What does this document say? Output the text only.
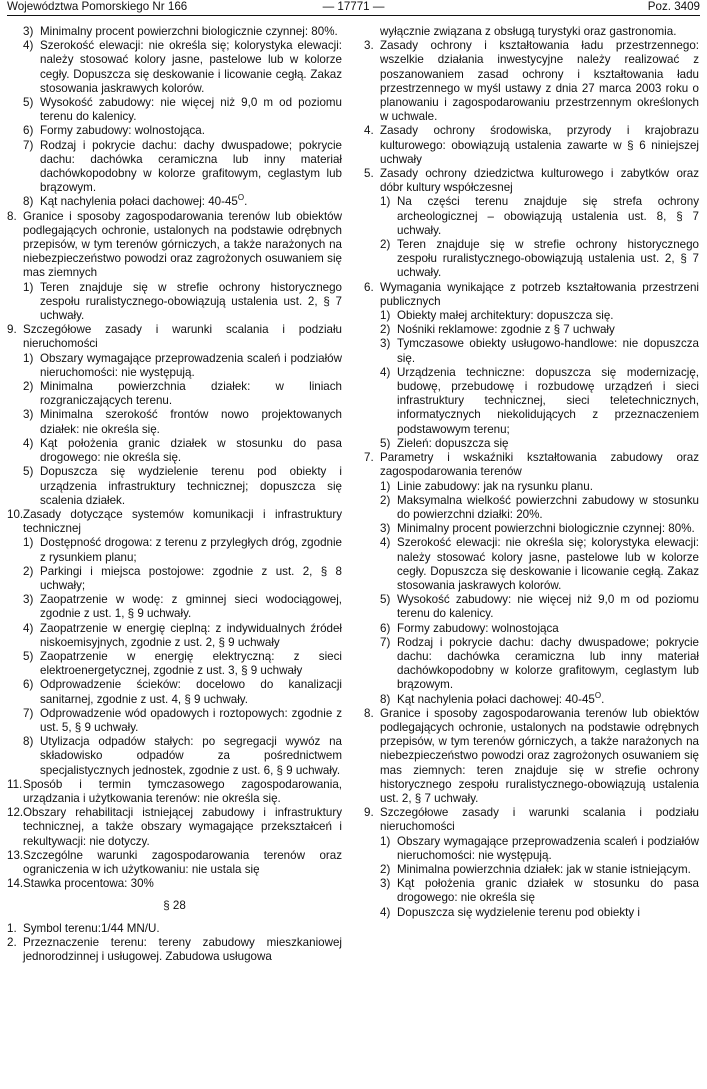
Województwa Pomorskiego Nr 166	— 17771 —	Poz. 3409
3) Minimalny procent powierzchni biologicznie czynnej: 80%.
4) Szerokość elewacji: nie określa się; kolorystyka elewacji: należy stosować kolory jasne, pastelowe lub w kolorze cegły. Dopuszcza się deskowanie i licowanie cegłą. Zakaz stosowania jaskrawych kolorów.
5) Wysokość zabudowy: nie więcej niż 9,0 m od poziomu terenu do kalenicy.
6) Formy zabudowy: wolnostojąca.
7) Rodzaj i pokrycie dachu: dachy dwuspadowe; pokrycie dachu: dachówka ceramiczna lub inny materiał dachówkopodobny w kolorze grafitowym, ceglastym lub brązowym.
8) Kąt nachylenia połaci dachowej: $40-45^O$.
8. Granice i sposoby zagospodarowania terenów lub obiektów podlegających ochronie, ustalonych na podstawie odrębnych przepisów, w tym terenów górniczych, a także narażonych na niebezpieczeństwo powodzi oraz zagrożonych osuwaniem się mas ziemnych
1) Teren znajduje się w strefie ochrony historycznego zespołu ruralistycznego-obowiązują ustalenia ust. 2, § 7 uchwały.
9. Szczegółowe zasady i warunki scalania i podziału nieruchomości
1) Obszary wymagające przeprowadzenia scaleń i podziałów nieruchomości: nie występują.
2) Minimalna powierzchnia działek: w liniach rozgraniczających terenu.
3) Minimalna szerokość frontów nowo projektowanych działek: nie określa się.
4) Kąt położenia granic działek w stosunku do pasa drogowego: nie określa się.
5) Dopuszcza się wydzielenie terenu pod obiekty i urządzenia infrastruktury technicznej; dopuszcza się scalenia działek.
10. Zasady dotyczące systemów komunikacji i infrastruktury technicznej
1) Dostępność drogowa: z terenu z przyległych dróg, zgodnie z rysunkiem planu;
2) Parkingi i miejsca postojowe: zgodnie z ust. 2, § 8 uchwały;
3) Zaopatrzenie w wodę: z gminnej sieci wodociągowej, zgodnie z ust. 1, § 9 uchwały.
4) Zaopatrzenie w energię cieplną: z indywidualnych źródeł niskoemisyjnych, zgodnie z ust. 2, § 9 uchwały
5) Zaopatrzenie w energię elektryczną: z sieci elektroenergetycznej, zgodnie z ust. 3, § 9 uchwały
6) Odprowadzenie ścieków: docelowo do kanalizacji sanitarnej, zgodnie z ust. 4, § 9 uchwały.
7) Odprowadzenie wód opadowych i roztopowych: zgodnie z ust. 5, § 9 uchwały.
8) Utylizacja odpadów stałych: po segregacji wywóz na składowisko odpadów za pośrednictwem specjalistycznych jednostek, zgodnie z ust. 6, § 9 uchwały.
11. Sposób i termin tymczasowego zagospodarowania, urządzania i użytkowania terenów: nie określa się.
12. Obszary rehabilitacji istniejącej zabudowy i infrastruktury technicznej, a także obszary wymagające przekształceń i rekultywacji: nie dotyczy.
13. Szczególne warunki zagospodarowania terenów oraz ograniczenia w ich użytkowaniu: nie ustala się
14. Stawka procentowa: 30%
§ 28
1. Symbol terenu:1/44 MN/U.
2. Przeznaczenie terenu: tereny zabudowy mieszkaniowej jednorodzinnej i usługowej. Zabudowa usługowa
wyłącznie związana z obsługą turystyki oraz gastronomia.
3. Zasady ochrony i kształtowania ładu przestrzennego: wszelkie działania inwestycyjne należy realizować z poszanowaniem zasad ochrony i kształtowania ładu przestrzennego w myśl ustawy z dnia 27 marca 2003 roku o planowaniu i zagospodarowaniu przestrzennym określonych w uchwale.
4. Zasady ochrony środowiska, przyrody i krajobrazu kulturowego: obowiązują ustalenia zawarte w § 6 niniejszej uchwały
5. Zasady ochrony dziedzictwa kulturowego i zabytków oraz dóbr kultury współczesnej
1) Na części terenu znajduje się strefa ochrony archeologicznej – obowiązują ustalenia ust. 8, § 7 uchwały.
2) Teren znajduje się w strefie ochrony historycznego zespołu ruralistycznego-obowiązują ustalenia ust. 2, § 7 uchwały.
6. Wymagania wynikające z potrzeb kształtowania przestrzeni publicznych
1) Obiekty małej architektury: dopuszcza się.
2) Nośniki reklamowe: zgodnie z § 7 uchwały
3) Tymczasowe obiekty usługowo-handlowe: nie dopuszcza się.
4) Urządzenia techniczne: dopuszcza się modernizację, budowę, przebudowę i rozbudowę urządzeń i sieci infrastruktury technicznej, sieci teletechnicznych, informatycznych niekolidujących z przeznaczeniem podstawowym terenu;
5) Zieleń: dopuszcza się
7. Parametry i wskaźniki kształtowania zabudowy oraz zagospodarowania terenów
1) Linie zabudowy: jak na rysunku planu.
2) Maksymalna wielkość powierzchni zabudowy w stosunku do powierzchni działki: 20%.
3) Minimalny procent powierzchni biologicznie czynnej: 80%.
4) Szerokość elewacji: nie określa się; kolorystyka elewacji: należy stosować kolory jasne, pastelowe lub w kolorze cegły. Dopuszcza się deskowanie i licowanie cegłą. Zakaz stosowania jaskrawych kolorów.
5) Wysokość zabudowy: nie więcej niż 9,0 m od poziomu terenu do kalenicy.
6) Formy zabudowy: wolnostojąca
7) Rodzaj i pokrycie dachu: dachy dwuspadowe; pokrycie dachu: dachówka ceramiczna lub inny materiał dachówkopodobny w kolorze grafitowym, ceglastym lub brązowym.
8) Kąt nachylenia połaci dachowej: $40-45^O$.
8. Granice i sposoby zagospodarowania terenów lub obiektów podlegających ochronie, ustalonych na podstawie odrębnych przepisów, w tym terenów górniczych, a także narażonych na niebezpieczeństwo powodzi oraz zagrożonych osuwaniem się mas ziemnych: teren znajduje się w strefie ochrony historycznego zespołu ruralistycznego-obowiązują ustalenia ust. 2, § 7 uchwały.
9. Szczegółowe zasady i warunki scalania i podziału nieruchomości
1) Obszary wymagające przeprowadzenia scaleń i podziałów nieruchomości: nie występują.
2) Minimalna powierzchnia działek: jak w stanie istniejącym.
3) Kąt położenia granic działek w stosunku do pasa drogowego: nie określa się
4) Dopuszcza się wydzielenie terenu pod obiekty i
